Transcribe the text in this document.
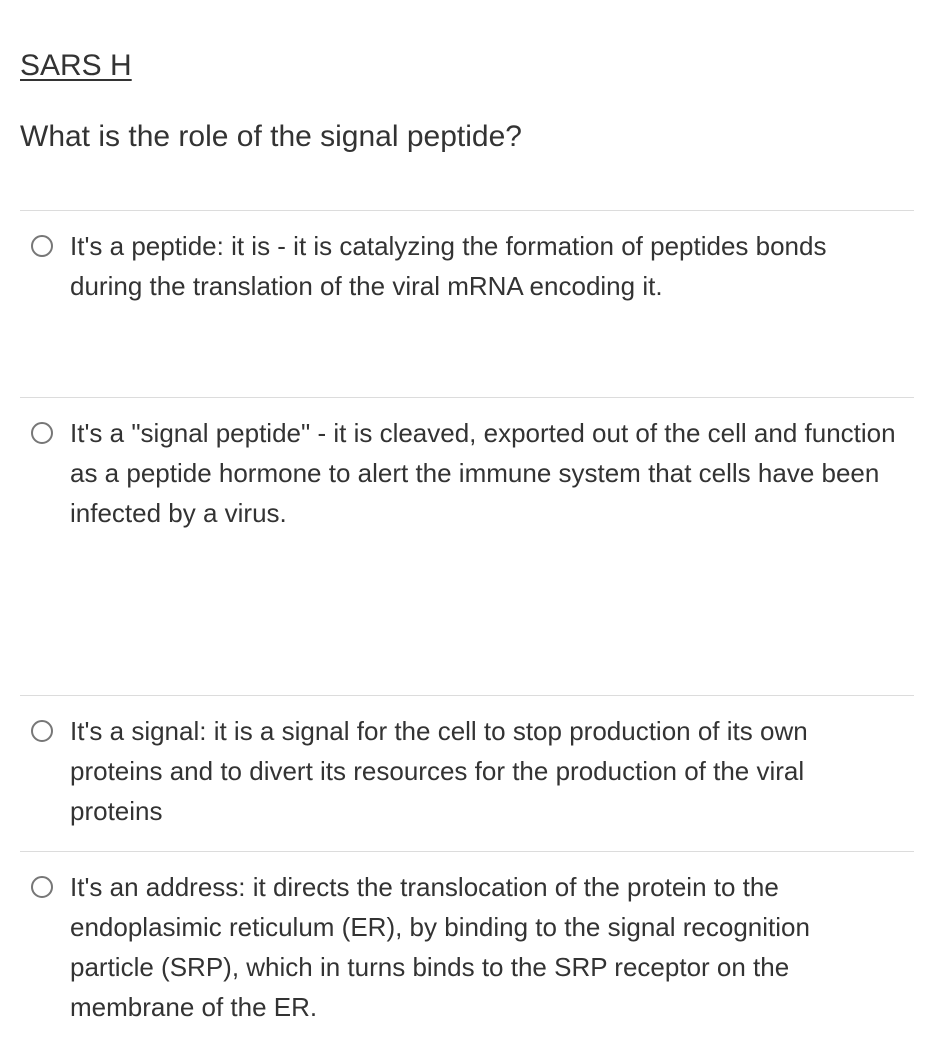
SARS H
What is the role of the signal peptide?
It's a peptide: it is - it is catalyzing the formation of peptides bonds during the translation of the viral mRNA encoding it.
It's a "signal peptide" - it is cleaved, exported out of the cell and function as a peptide hormone to alert the immune system that cells have been infected by a virus.
It's a signal: it is a signal for the cell to stop production of its own proteins and to divert its resources for the production of the viral proteins
It's an address: it directs the translocation of the protein to the endoplasimic reticulum (ER), by binding to the signal recognition particle (SRP), which in turns binds to the SRP receptor on the membrane of the ER.
